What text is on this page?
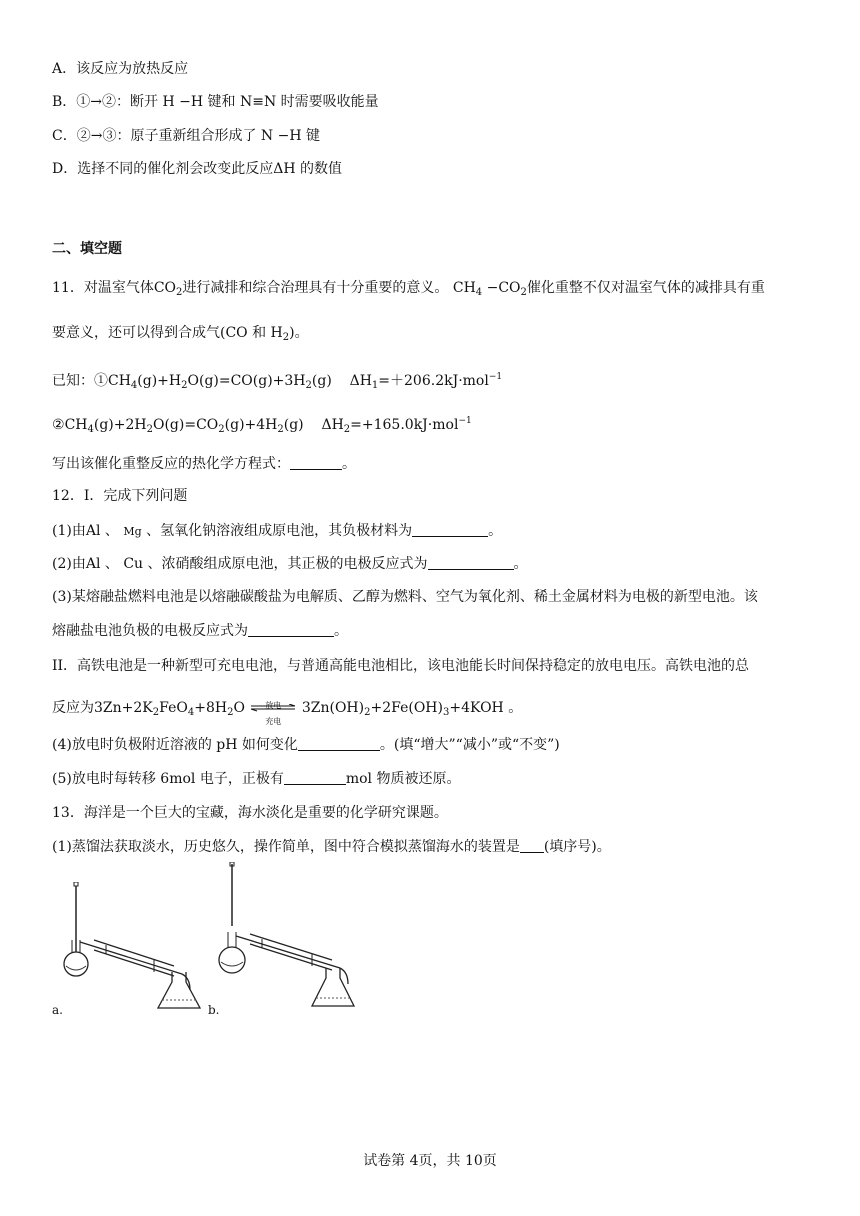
A．该反应为放热反应
B．①→②：断开 H −H 键和 N≡N 时需要吸收能量
C．②→③：原子重新组合形成了 N −H 键
D．选择不同的催化剂会改变此反应ΔH 的数值
二、填空题
11．对温室气体$CO_2$进行减排和综合治理具有十分重要的意义。 $CH_4 -CO_2$催化重整不仅对温室气体的减排具有重
要意义，还可以得到合成气(CO 和 $H_2$)。
已知：$①CH_4(g)+H_2O(g)=CO(g)+3H_2(g)$ $\Delta H_1=+206.2kJ\cdot mol^{-1}$
$②CH_4(g)+2H_2O(g)=CO_2(g)+4H_2(g)$ $\Delta H_2=+165.0kJ\cdot mol^{-1}$
写出该催化重整反应的热化学方程式：	。
12．I．完成下列问题
(1)由Al 、 Mg 、氢氧化钠溶液组成原电池，其负极材料为	。
(2)由Al 、 Cu 、浓硝酸组成原电池，其正极的电极反应式为	。
(3)某熔融盐燃料电池是以熔融碳酸盐为电解质、乙醇为燃料、空气为氧化剂、稀土金属材料为电极的新型电池。该
熔融盐电池负极的电极反应式为	。
II．高铁电池是一种新型可充电电池，与普通高能电池相比，该电池能长时间保持稳定的放电电压。高铁电池的总
反应为$3Zn+2K_2FeO_4+8H_2O$	放电
充电
$3Zn(OH)_2+2Fe(OH)_3+4KOH$ 。
(4)放电时负极附近溶液的 pH 如何变化	。(填“增大”“减小”或“不变”)
(5)放电时每转移 6mol 电子，正极有	mol 物质被还原。
13．海洋是一个巨大的宝藏，海水淡化是重要的化学研究课题。
(1)蒸馏法获取淡水，历史悠久，操作简单，图中符合模拟蒸馏海水的装置是 (填序号)。
a.	b.
试卷第 4页，共 10页
